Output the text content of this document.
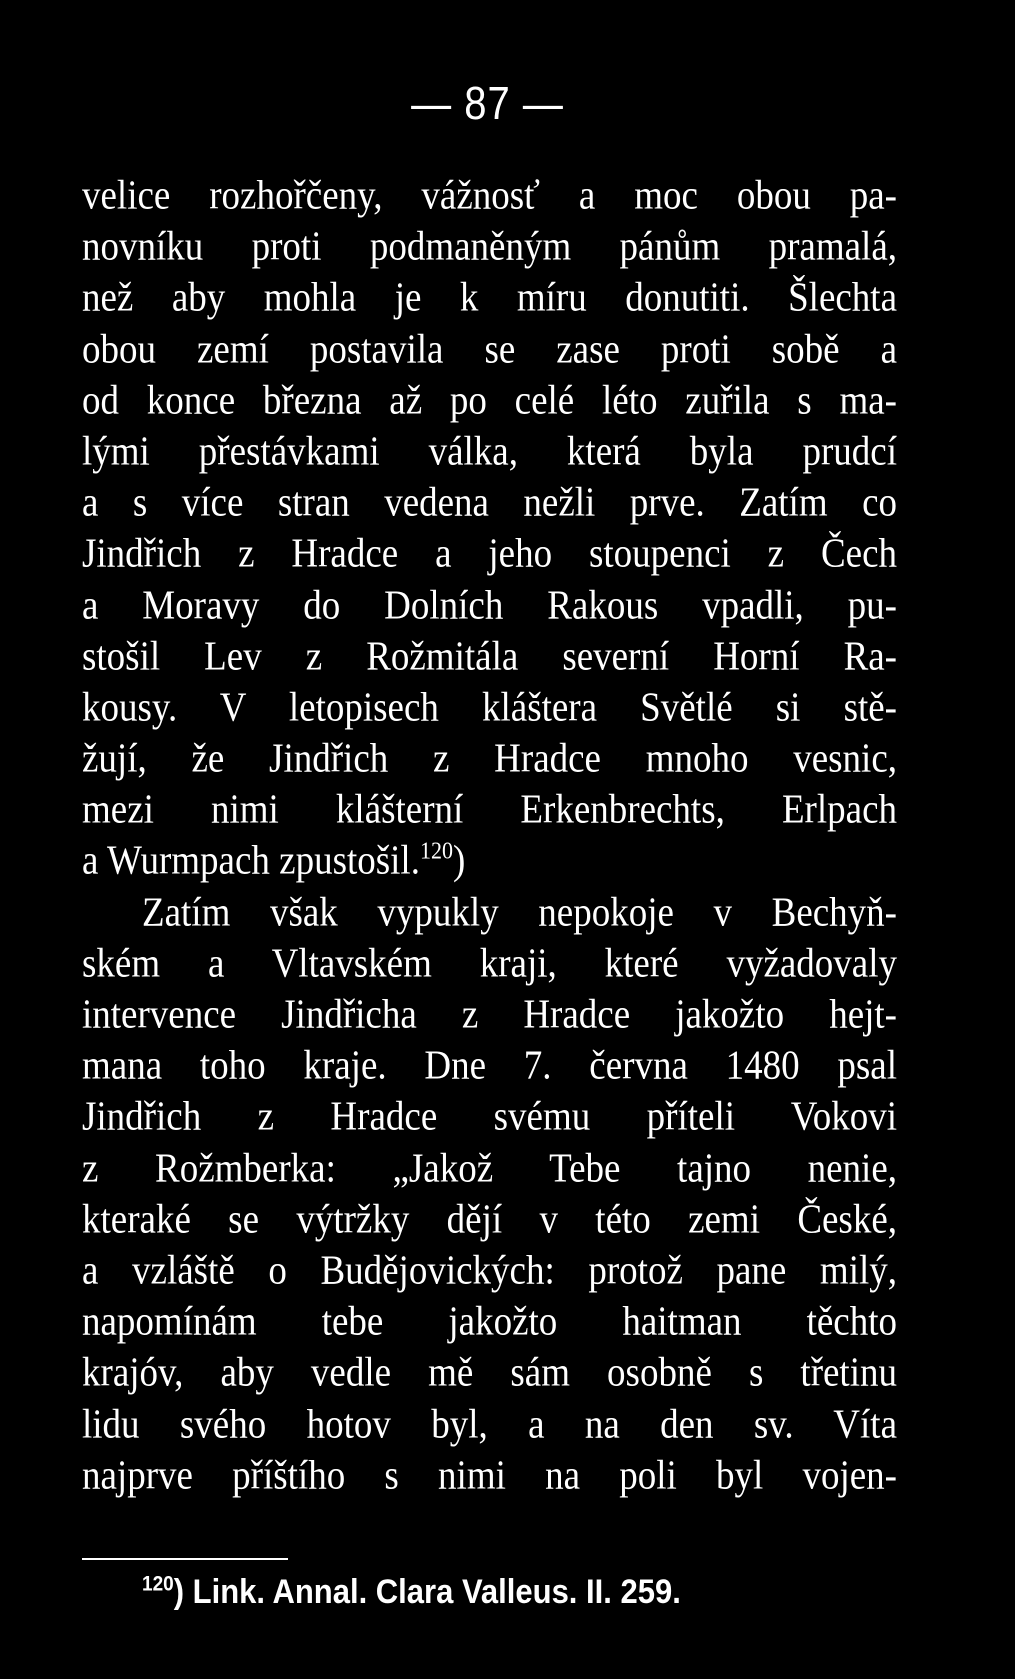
— 87 —
velice rozhořčeny, vážnosť a moc obou pa-
novníku proti podmaněným pánům pramalá,
než aby mohla je k míru donutiti. Šlechta
obou zemí postavila se zase proti sobě a
od konce března až po celé léto zuřila s ma-
lými přestávkami válka, která byla prudcí
a s více stran vedena nežli prve. Zatím co
Jindřich z Hradce a jeho stoupenci z Čech
a Moravy do Dolních Rakous vpadli, pu-
stošil Lev z Rožmitála severní Horní Ra-
kousy. V letopisech kláštera Světlé si stě-
žují, že Jindřich z Hradce mnoho vesnic,
mezi nimi klášterní Erkenbrechts, Erlpach
a Wurmpach zpustošil.$^{120}$)
Zatím však vypukly nepokoje v Bechyň-
ském a Vltavském kraji, které vyžadovaly
intervence Jindřicha z Hradce jakožto hejt-
mana toho kraje. Dne 7. června 1480 psal
Jindřich z Hradce svému příteli Vokovi
z Rožmberka: „Jakož Tebe tajno nenie,
kteraké se výtržky dějí v této zemi České,
a vzláště o Budějovických: protož pane milý,
napomínám tebe jakožto haitman těchto
krajóv, aby vedle mě sám osobně s třetinu
lidu svého hotov byl, a na den sv. Víta
najprve příštího s nimi na poli byl vojen-
$^{120}$) Link. Annal. Clara Valleus. II. 259.
